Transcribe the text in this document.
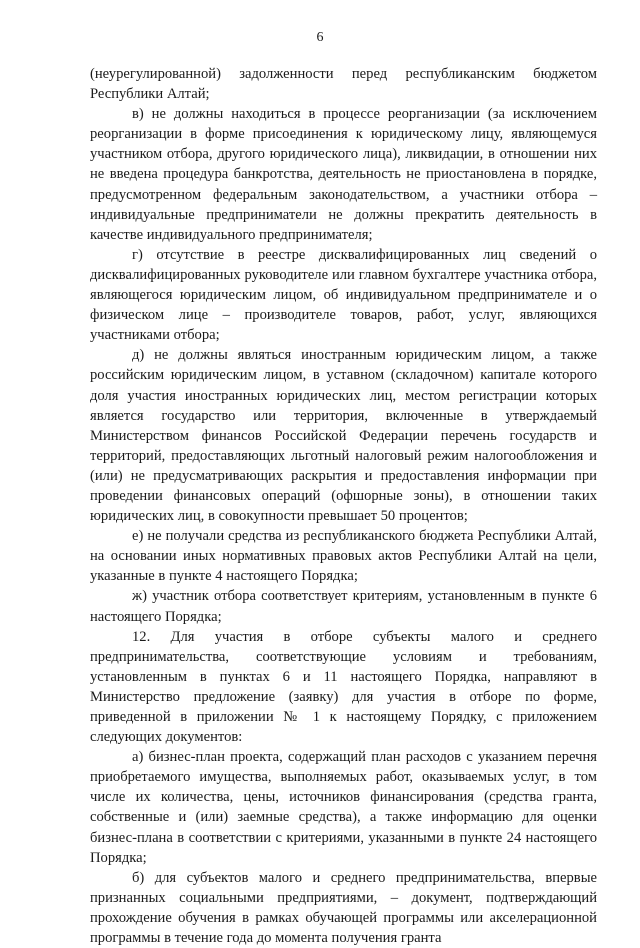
6

(неурегулированной) задолженности перед республиканским бюджетом Республики Алтай;

в) не должны находиться в процессе реорганизации (за исключением реорганизации в форме присоединения к юридическому лицу, являющемуся участником отбора, другого юридического лица), ликвидации, в отношении них не введена процедура банкротства, деятельность не приостановлена в порядке, предусмотренном федеральным законодательством, а участники отбора – индивидуальные предприниматели не должны прекратить деятельность в качестве индивидуального предпринимателя;

г) отсутствие в реестре дисквалифицированных лиц сведений о дисквалифицированных руководителе или главном бухгалтере участника отбора, являющегося юридическим лицом, об индивидуальном предпринимателе и о физическом лице – производителе товаров, работ, услуг, являющихся участниками отбора;

д) не должны являться иностранным юридическим лицом, а также российским юридическим лицом, в уставном (складочном) капитале которого доля участия иностранных юридических лиц, местом регистрации которых является государство или территория, включенные в утверждаемый Министерством финансов Российской Федерации перечень государств и территорий, предоставляющих льготный налоговый режим налогообложения и (или) не предусматривающих раскрытия и предоставления информации при проведении финансовых операций (офшорные зоны), в отношении таких юридических лиц, в совокупности превышает 50 процентов;

е) не получали средства из республиканского бюджета Республики Алтай, на основании иных нормативных правовых актов Республики Алтай на цели, указанные в пункте 4 настоящего Порядка;

ж) участник отбора соответствует критериям, установленным в пункте 6 настоящего Порядка;

12. Для участия в отборе субъекты малого и среднего предпринимательства, соответствующие условиям и требованиям, установленным в пунктах 6 и 11 настоящего Порядка, направляют в Министерство предложение (заявку) для участия в отборе по форме, приведенной в приложении № 1 к настоящему Порядку, с приложением следующих документов:

а) бизнес-план проекта, содержащий план расходов с указанием перечня приобретаемого имущества, выполняемых работ, оказываемых услуг, в том числе их количества, цены, источников финансирования (средства гранта, собственные и (или) заемные средства), а также информацию для оценки бизнес-плана в соответствии с критериями, указанными в пункте 24 настоящего Порядка;

б) для субъектов малого и среднего предпринимательства, впервые признанных социальными предприятиями, – документ, подтверждающий прохождение обучения в рамках обучающей программы или акселерационной программы в течение года до момента получения гранта
